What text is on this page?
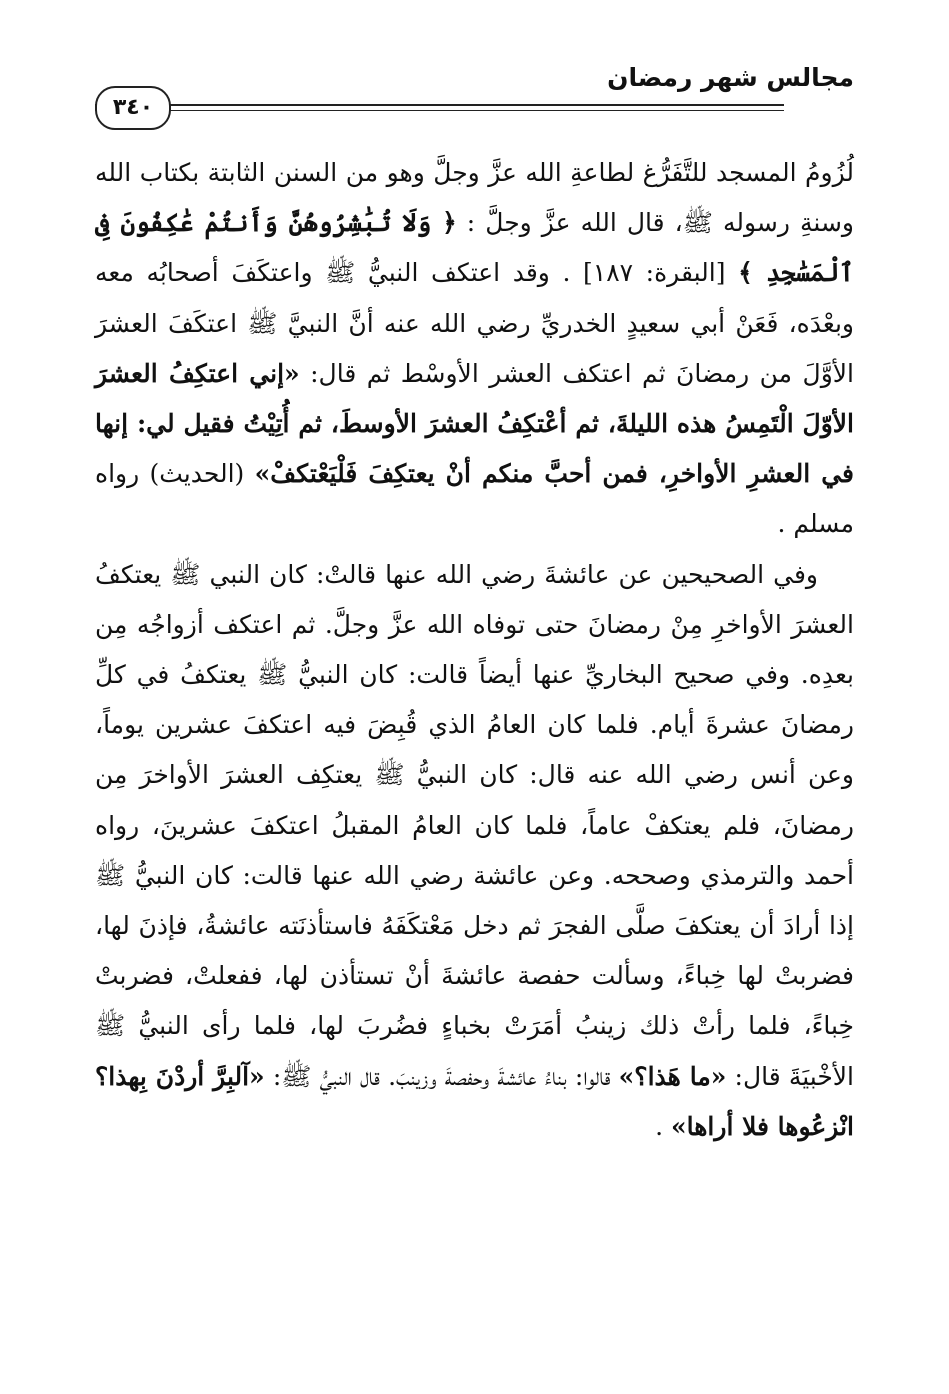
مجالس شهر رمضان
٣٤٠

لُزُومُ المسجد للتَّفَرُّغ لطاعةِ الله عزَّ وجلَّ وهو من السنن الثابتة بكتاب الله وسنةِ رسوله ﷺ، قال الله عزَّ وجلَّ : ﴿ وَلَا تُبَٰشِرُوهُنَّ وَأَنتُمْ عَٰكِفُونَ فِى ٱلْمَسَٰجِدِ ﴾ [البقرة: ١٨٧] . وقد اعتكف النبيُّ ﷺ واعتكَفَ أصحابُه معه وبعْدَه، فَعَنْ أبي سعيدٍ الخدريِّ رضي الله عنه أنَّ النبيَّ ﷺ اعتكَفَ العشرَ الأوَّلَ من رمضانَ ثم اعتكف العشر الأوسْط ثم قال: «إني اعتكِفُ العشرَ الأوّلَ الْتَمِسُ هذه الليلةَ، ثم أعْتكِفُ العشرَ الأوسطَ، ثم أُتِيْتُ فقيل لي: إنها في العشرِ الأواخرِ، فمن أحبَّ منكم أنْ يعتكِفَ فَلْيَعْتكفْ» (الحديث) رواه مسلم .

وفي الصحيحين عن عائشةَ رضي الله عنها قالتْ: كان النبي ﷺ يعتكفُ العشرَ الأواخرِ مِنْ رمضانَ حتى توفاه الله عزَّ وجلَّ. ثم اعتكف أزواجُه مِن بعدِه. وفي صحيح البخاريِّ عنها أيضاً قالت: كان النبيُّ ﷺ يعتكفُ في كلِّ رمضانَ عشرةَ أيام. فلما كان العامُ الذي قُبِضَ فيه اعتكفَ عشرين يوماً، وعن أنس رضي الله عنه قال: كان النبيُّ ﷺ يعتكِف العشرَ الأواخرَ مِن رمضانَ، فلم يعتكفْ عاماً، فلما كان العامُ المقبلُ اعتكفَ عشرينَ، رواه أحمد والترمذي وصححه. وعن عائشة رضي الله عنها قالت: كان النبيُّ ﷺ إذا أرادَ أن يعتكفَ صلَّى الفجرَ ثم دخل مَعْتكَفَهُ فاستأذنَته عائشةُ، فإذنَ لها، فضربتْ لها خِباءً، وسألت حفصة عائشةَ أنْ تستأذن لها، ففعلتْ، فضربتْ خِباءً، فلما رأتْ ذلك زينبُ أمَرَتْ بخباءٍ فضُربَ لها، فلما رأى النبيُّ ﷺ الأخْبيَةَ قال: «ما هَذا؟» قالوا: بناءُ عائشةَ وحفصةَ وزينبَ. قال النبيُّ ﷺ: «آلبِرَّ أردْنَ بِهذا؟ انْزعُوها فلا أراها» .
